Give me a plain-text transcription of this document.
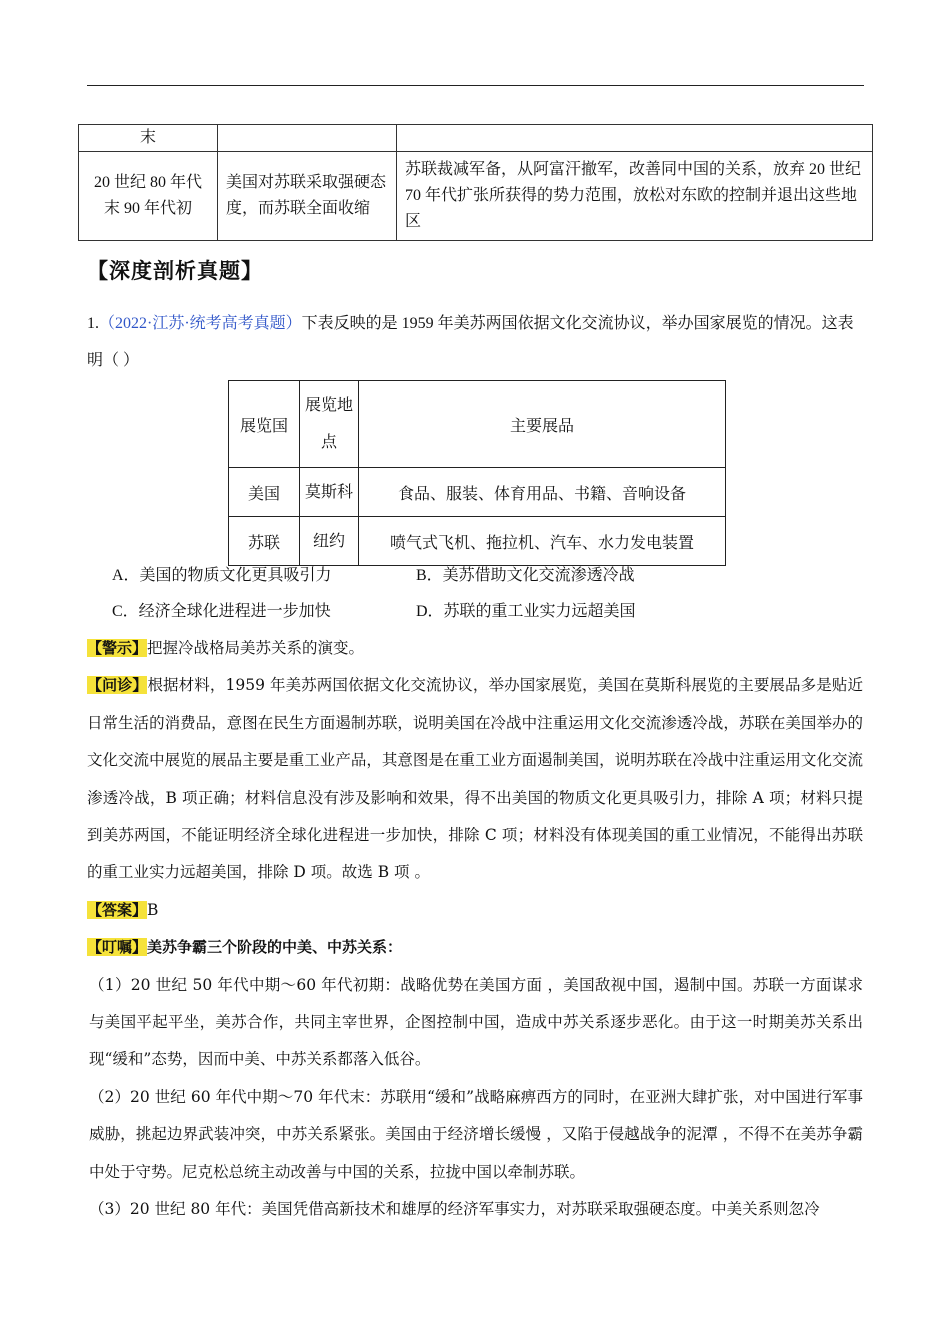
末		
20 世纪 80 年代末 90 年代初	美国对苏联采取强硬态度，而苏联全面收缩	苏联裁减军备，从阿富汗撤军，改善同中国的关系，放弃 20 世纪 70 年代扩张所获得的势力范围，放松对东欧的控制并退出这些地区
【深度剖析真题】
1.（2022·江苏·统考高考真题）下表反映的是 1959 年美苏两国依据文化交流协议，举办国家展览的情况。这表明（ ）
展览国	展览地点	主要展品
美国	莫斯科	食品、服装、体育用品、书籍、音响设备
苏联	纽约	喷气式飞机、拖拉机、汽车、水力发电装置
A．美国的物质文化更具吸引力	B．美苏借助文化交流渗透冷战
C．经济全球化进程进一步加快	D．苏联的重工业实力远超美国

【警示】把握冷战格局美苏关系的演变。

【问诊】根据材料，1959 年美苏两国依据文化交流协议，举办国家展览，美国在莫斯科展览的主要展品多是贴近日常生活的消费品，意图在民生方面遏制苏联，说明美国在冷战中注重运用文化交流渗透冷战，苏联在美国举办的文化交流中展览的展品主要是重工业产品，其意图是在重工业方面遏制美国，说明苏联在冷战中注重运用文化交流渗透冷战，B 项正确；材料信息没有涉及影响和效果，得不出美国的物质文化更具吸引力，排除 A 项；材料只提到美苏两国，不能证明经济全球化进程进一步加快，排除 C 项；材料没有体现美国的重工业情况，不能得出苏联的重工业实力远超美国，排除 D 项。故选 B 项 。

【答案】B

【叮嘱】美苏争霸三个阶段的中美、中苏关系：

（1）20 世纪 50 年代中期～60 年代初期：战略优势在美国方面 ，美国敌视中国，遏制中国。苏联一方面谋求与美国平起平坐，美苏合作，共同主宰世界，企图控制中国，造成中苏关系逐步恶化。由于这一时期美苏关系出现“缓和”态势，因而中美、中苏关系都落入低谷。

（2）20 世纪 60 年代中期～70 年代末：苏联用“缓和”战略麻痹西方的同时，在亚洲大肆扩张，对中国进行军事威胁，挑起边界武装冲突，中苏关系紧张。美国由于经济增长缓慢 ，又陷于侵越战争的泥潭 ，不得不在美苏争霸中处于守势。尼克松总统主动改善与中国的关系，拉拢中国以牵制苏联。

（3）20 世纪 80 年代：美国凭借高新技术和雄厚的经济军事实力，对苏联采取强硬态度。中美关系则忽冷
